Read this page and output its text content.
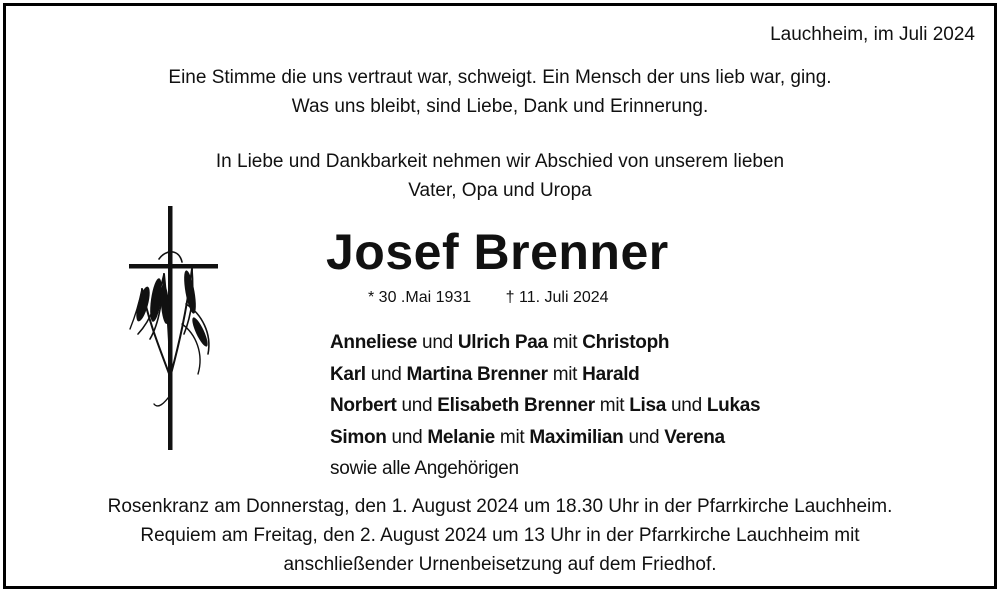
Lauchheim, im Juli 2024
Eine Stimme die uns vertraut war, schweigt. Ein Mensch der uns lieb war, ging.
Was uns bleibt, sind Liebe, Dank und Erinnerung.
In Liebe und Dankbarkeit nehmen wir Abschied von unserem lieben
Vater, Opa und Uropa
Josef Brenner
* 30 .Mai 1931 † 11. Juli 2024
Anneliese und Ulrich Paa mit Christoph
Karl und Martina Brenner mit Harald
Norbert und Elisabeth Brenner mit Lisa und Lukas
Simon und Melanie mit Maximilian und Verena
sowie alle Angehörigen
Rosenkranz am Donnerstag, den 1. August 2024 um 18.30 Uhr in der Pfarrkirche Lauchheim.
Requiem am Freitag, den 2. August 2024 um 13 Uhr in der Pfarrkirche Lauchheim mit
anschließender Urnenbeisetzung auf dem Friedhof.
